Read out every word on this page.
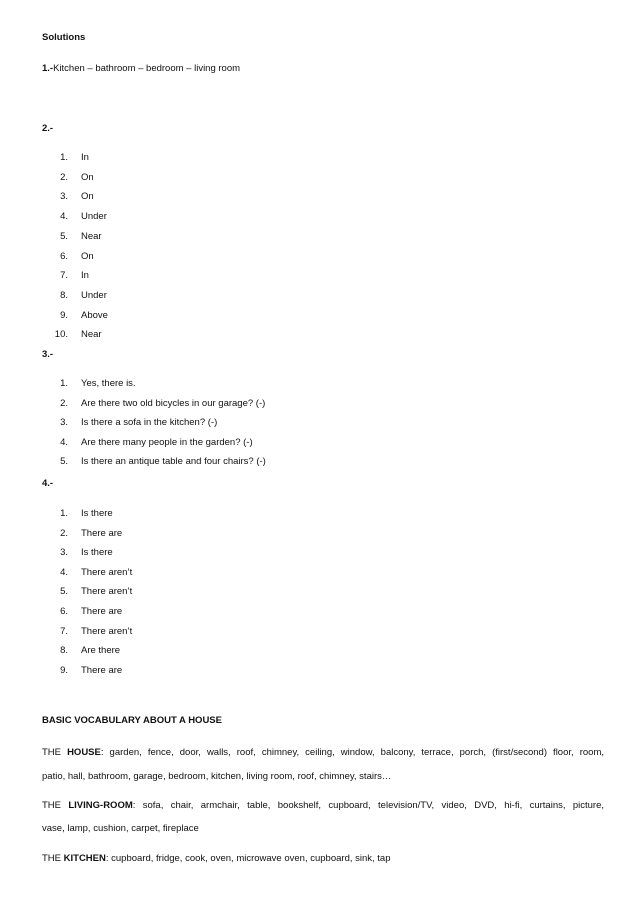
Solutions
1.-Kitchen – bathroom – bedroom – living room
2.-
1. In
2. On
3. On
4. Under
5. Near
6. On
7. In
8. Under
9. Above
10. Near
3.-
1. Yes, there is.
2. Are there two old bicycles in our garage? (-)
3. Is there a sofa in the kitchen? (-)
4. Are there many people in the garden? (-)
5. Is there an antique table and four chairs? (-)
4.-
1. Is there
2. There are
3. Is there
4. There aren’t
5. There aren’t
6. There are
7. There aren’t
8. Are there
9. There are
BASIC VOCABULARY ABOUT A HOUSE
THE HOUSE: garden, fence, door, walls, roof, chimney, ceiling, window, balcony, terrace, porch, (first/second) floor, room,
patio, hall, bathroom, garage, bedroom, kitchen, living room, roof, chimney, stairs…
THE LIVING-ROOM: sofa, chair, armchair, table, bookshelf, cupboard, television/TV, video, DVD, hi-fi, curtains, picture,
vase, lamp, cushion, carpet, fireplace
THE KITCHEN: cupboard, fridge, cook, oven, microwave oven, cupboard, sink, tap
